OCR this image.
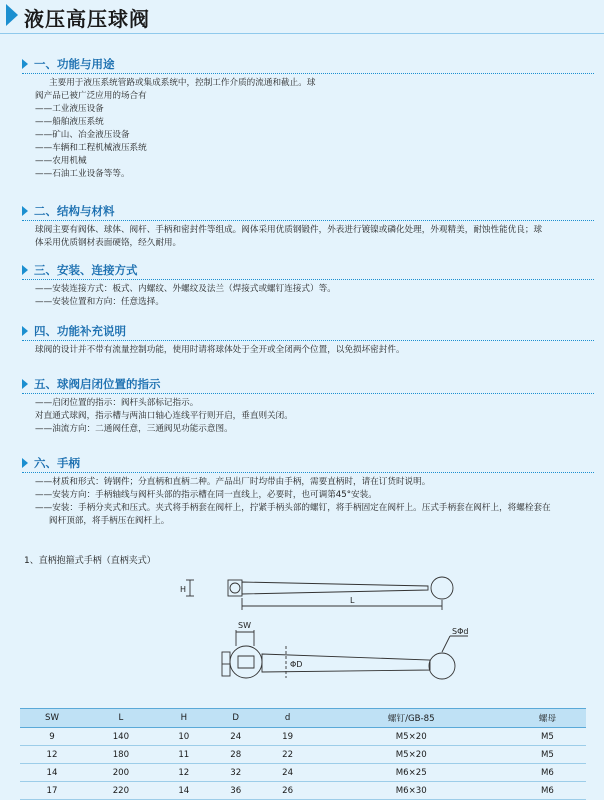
液压高压球阀
一、功能与用途

主要用于液压系统管路或集成系统中，控制工作介质的流通和截止。球

阀产品已被广泛应用的场合有

——工业液压设备

——船舶液压系统

——矿山、冶金液压设备

——车辆和工程机械液压系统

——农用机械

——石油工业设备等等。

二、结构与材料

球阀主要有阀体、球体、阀杆、手柄和密封件等组成。阀体采用优质钢锻件，外表进行镀镍或磷化处理，外观精美，耐蚀性能优良；球

体采用优质钢材表面硬铬，经久耐用。

三、安装、连接方式

——安装连接方式：板式、内螺纹、外螺纹及法兰（焊接式或螺钉连接式）等。

——安装位置和方向：任意选择。

四、功能补充说明

球阀的设计并不带有流量控制功能，使用时请将球体处于全开或全闭两个位置，以免损坏密封件。

五、球阀启闭位置的指示

——启闭位置的指示：阀杆头部标记指示。

对直通式球阀，指示槽与两油口轴心连线平行则开启，垂直则关闭。

——油流方向：二通阀任意，三通阀见功能示意图。

六、手柄

——材质和形式：铸钢件；分直柄和直柄二种。产品出厂时均带由手柄，需要直柄时，请在订货时说明。

——安装方向：手柄轴线与阀杆头部的指示槽在同一直线上，必要时，也可调第45°安装。

——安装：手柄分夹式和压式。夹式将手柄套在阀杆上，拧紧手柄头部的螺钉，将手柄固定在阀杆上。压式手柄套在阀杆上，将螺栓套在

阀杆顶部，将手柄压在阀杆上。

1、直柄抱箍式手柄（直柄夹式）
H
L
SW
ΦD
SΦd
SW	L	H	D	d	螺钉/GB-85	螺母
9	140	10	24	19	M5×20	M5
12	180	11	28	22	M5×20	M5
14	200	12	32	24	M6×25	M6
17	220	14	36	26	M6×30	M6
